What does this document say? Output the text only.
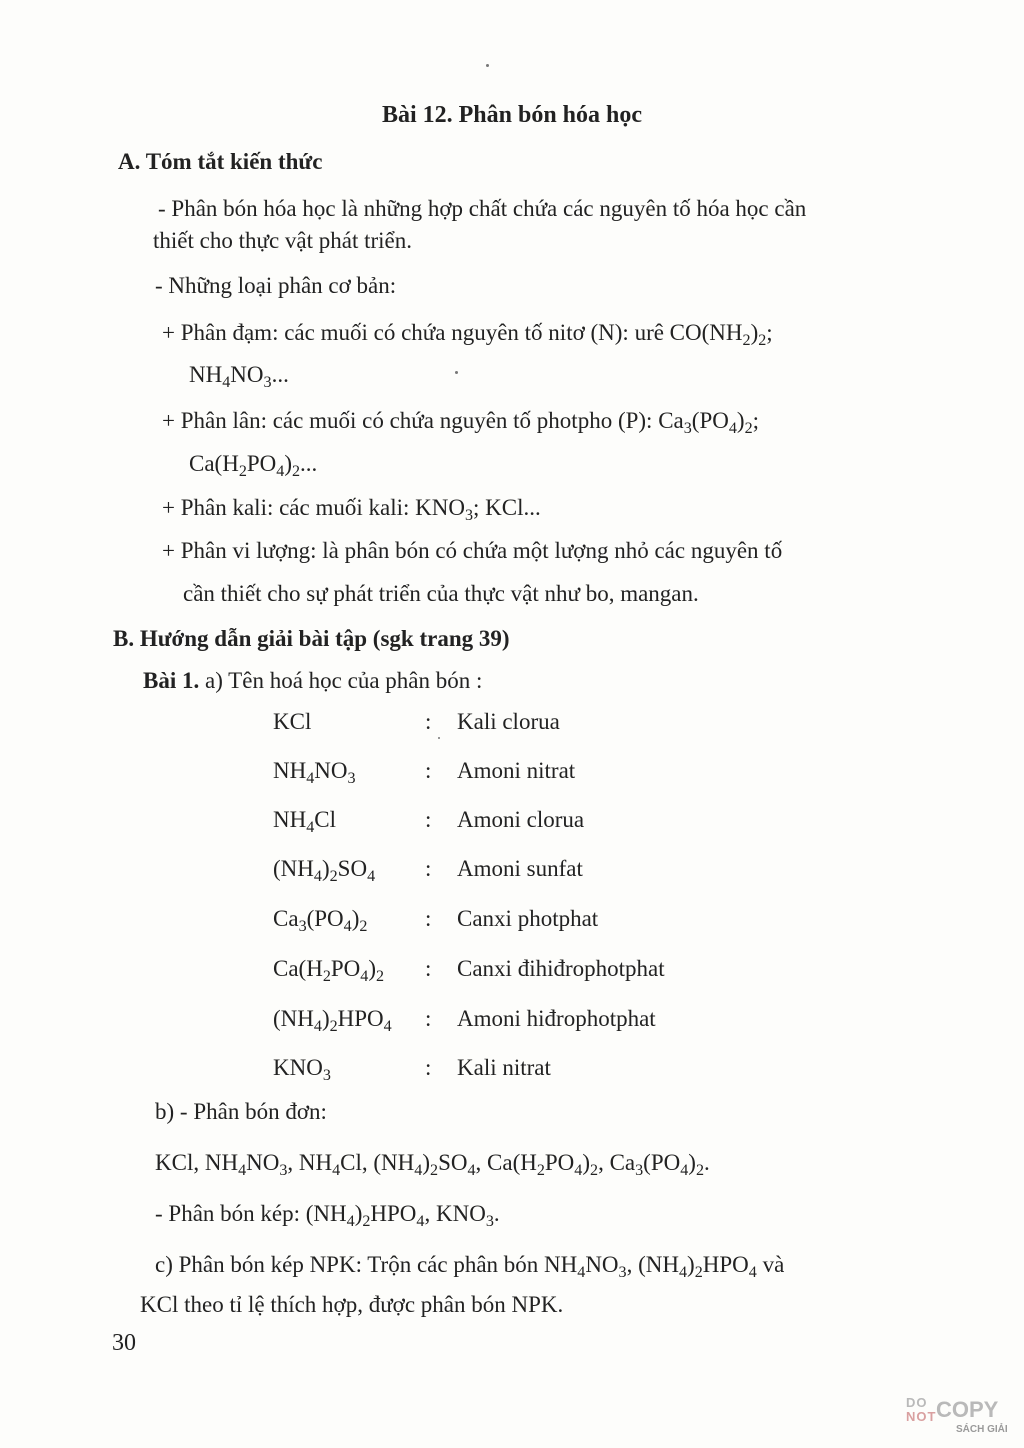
Bài 12. Phân bón hóa học
A. Tóm tắt kiến thức
- Phân bón hóa học là những hợp chất chứa các nguyên tố hóa học cần
thiết cho thực vật phát triển.
- Những loại phân cơ bản:
+ Phân đạm: các muối có chứa nguyên tố nitơ (N): urê $CO(NH_2)_2$;
$NH_4NO_3$...
+ Phân lân: các muối có chứa nguyên tố photpho (P): $Ca_3(PO_4)_2$;
$Ca(H_2PO_4)_2$...
+ Phân kali: các muối kali: $KNO_3$; KCl...
+ Phân vi lượng: là phân bón có chứa một lượng nhỏ các nguyên tố
cần thiết cho sự phát triển của thực vật như bo, mangan.
B. Hướng dẫn giải bài tập (sgk trang 39)
Bài 1. a) Tên hoá học của phân bón :
KCl	: Kali clorua
$NH_4NO_3$	: Amoni nitrat
$NH_4Cl$	: Amoni clorua
$(NH_4)_2SO_4$ : Amoni sunfat
$Ca_3(PO_4)_2$	: Canxi photphat
$Ca(H_2PO_4)_2$ : Canxi đihiđrophotphat
$(NH_4)_2HPO_4$ : Amoni hiđrophotphat
$KNO_3$	: Kali nitrat
b) - Phân bón đơn:
KCl, $NH_4NO_3$, $NH_4Cl$, $(NH_4)_2SO_4$, $Ca(H_2PO_4)_2$, $Ca_3(PO_4)_2$.
- Phân bón kép: $(NH_4)_2HPO_4$, $KNO_3$.
c) Phân bón kép NPK: Trộn các phân bón $NH_4NO_3$, $(NH_4)_2HPO_4$ và
KCl theo tỉ lệ thích hợp, được phân bón NPK.
30
DO
NOT COPY
SÁCH GIẢI
